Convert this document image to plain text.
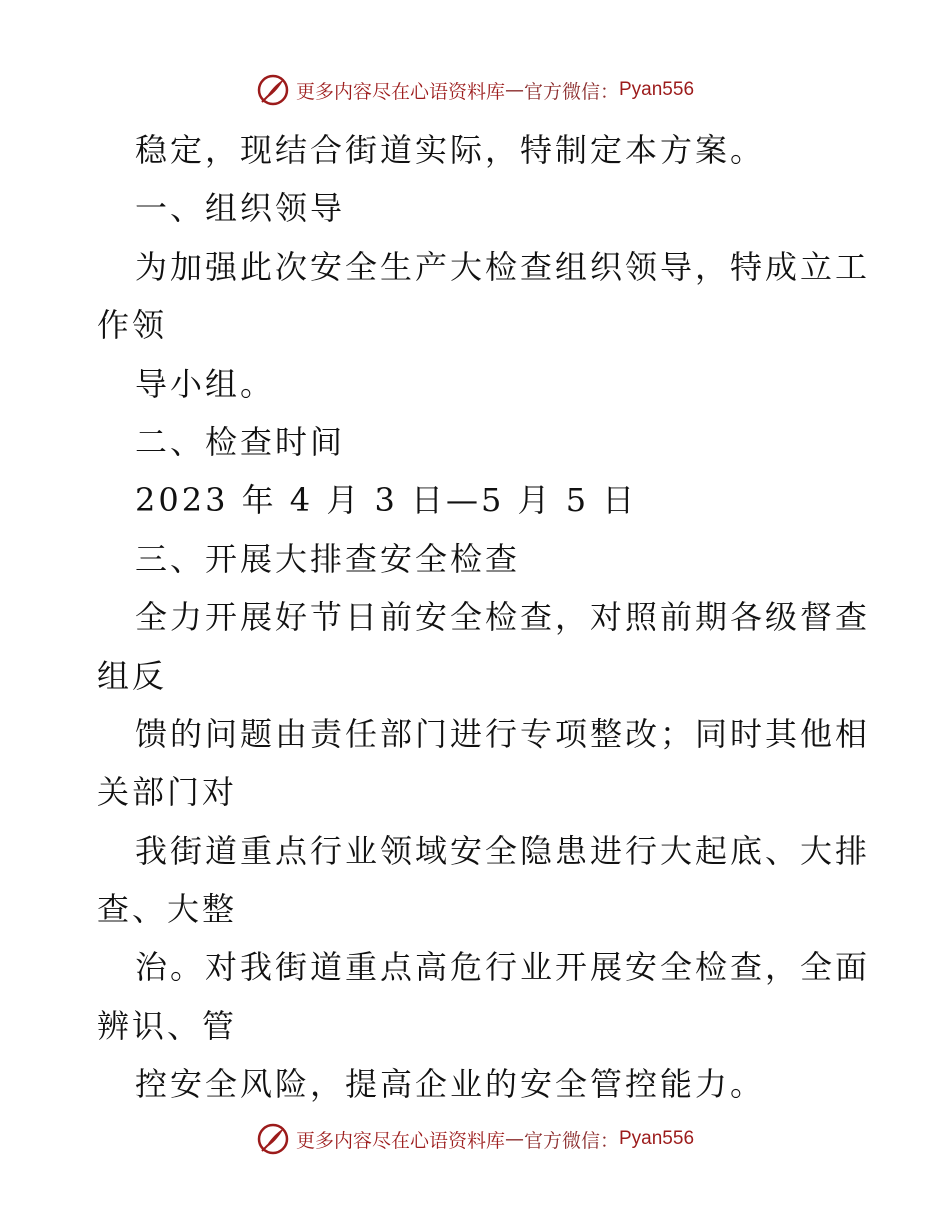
更多内容尽在心语资料库 — 官方微信： Pyan556
稳定，现结合街道实际，特制定本方案。
一、组织领导
为加强此次安全生产大检查组织领导，特成立工
作领
导小组。
二、检查时间
2023 年 4 月 3 日—5 月 5 日
三、开展大排查安全检查
全力开展好节日前安全检查，对照前期各级督查
组反
馈的问题由责任部门进行专项整改；同时其他相
关部门对
我街道重点行业领域安全隐患进行大起底、大排
查、大整
治。对我街道重点高危行业开展安全检查，全面
辨识、管
控安全风险，提高企业的安全管控能力。
更多内容尽在心语资料库 — 官方微信： Pyan556
